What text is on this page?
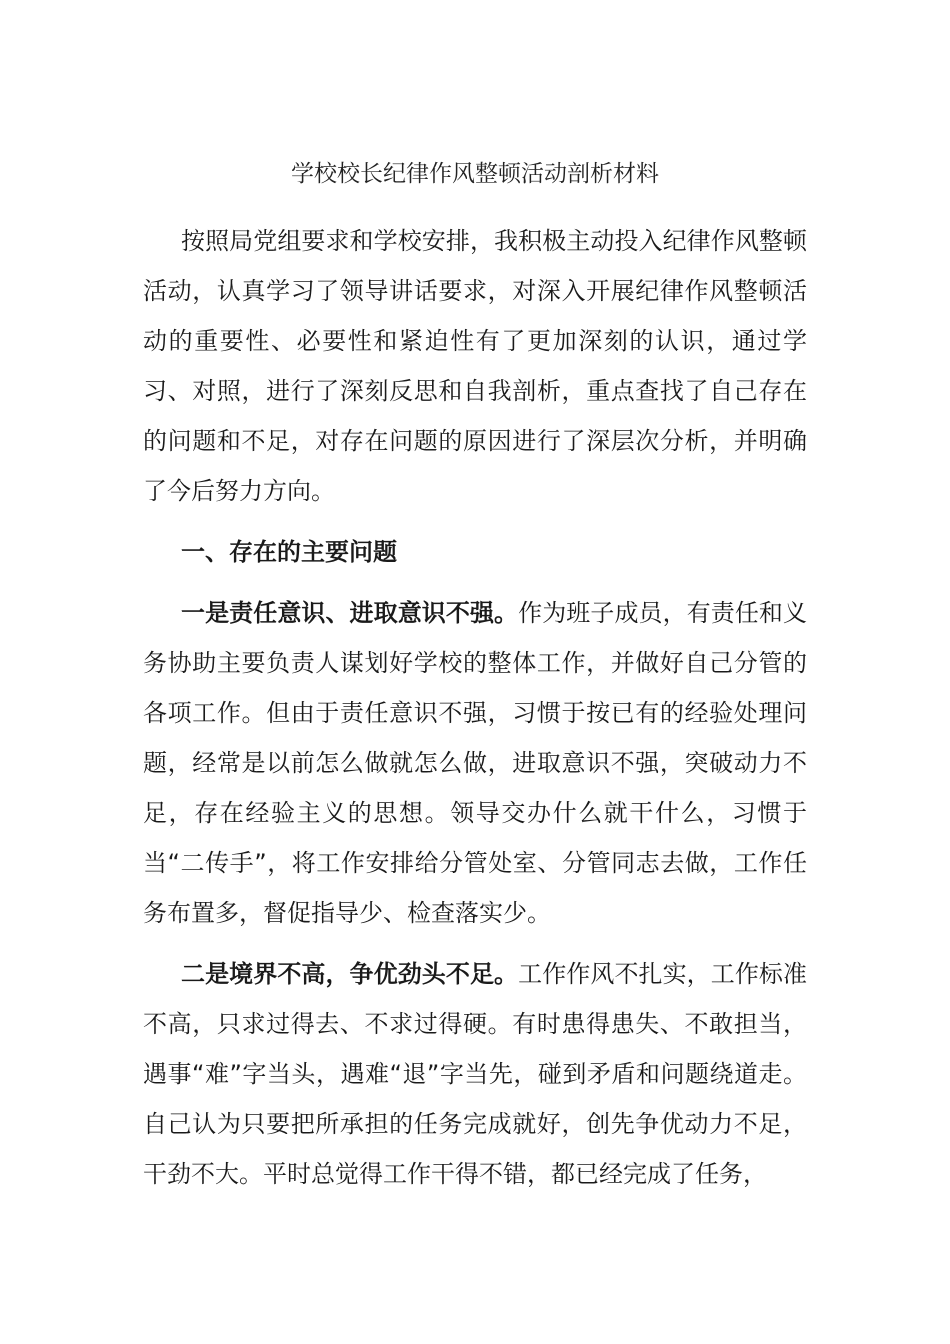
学校校长纪律作风整顿活动剖析材料

按照局党组要求和学校安排，我积极主动投入纪律作风整顿活动，认真学习了领导讲话要求，对深入开展纪律作风整顿活动的重要性、必要性和紧迫性有了更加深刻的认识，通过学习、对照，进行了深刻反思和自我剖析，重点查找了自己存在的问题和不足，对存在问题的原因进行了深层次分析，并明确了今后努力方向。

一、存在的主要问题

一是责任意识、进取意识不强。作为班子成员，有责任和义务协助主要负责人谋划好学校的整体工作，并做好自己分管的各项工作。但由于责任意识不强，习惯于按已有的经验处理问题，经常是以前怎么做就怎么做，进取意识不强，突破动力不足，存在经验主义的思想。领导交办什么就干什么，习惯于当“二传手”，将工作安排给分管处室、分管同志去做，工作任务布置多，督促指导少、检查落实少。

二是境界不高，争优劲头不足。工作作风不扎实，工作标准不高，只求过得去、不求过得硬。有时患得患失、不敢担当，遇事“难”字当头，遇难“退”字当先，碰到矛盾和问题绕道走。自己认为只要把所承担的任务完成就好，创先争优动力不足，干劲不大。平时总觉得工作干得不错，都已经完成了任务，
